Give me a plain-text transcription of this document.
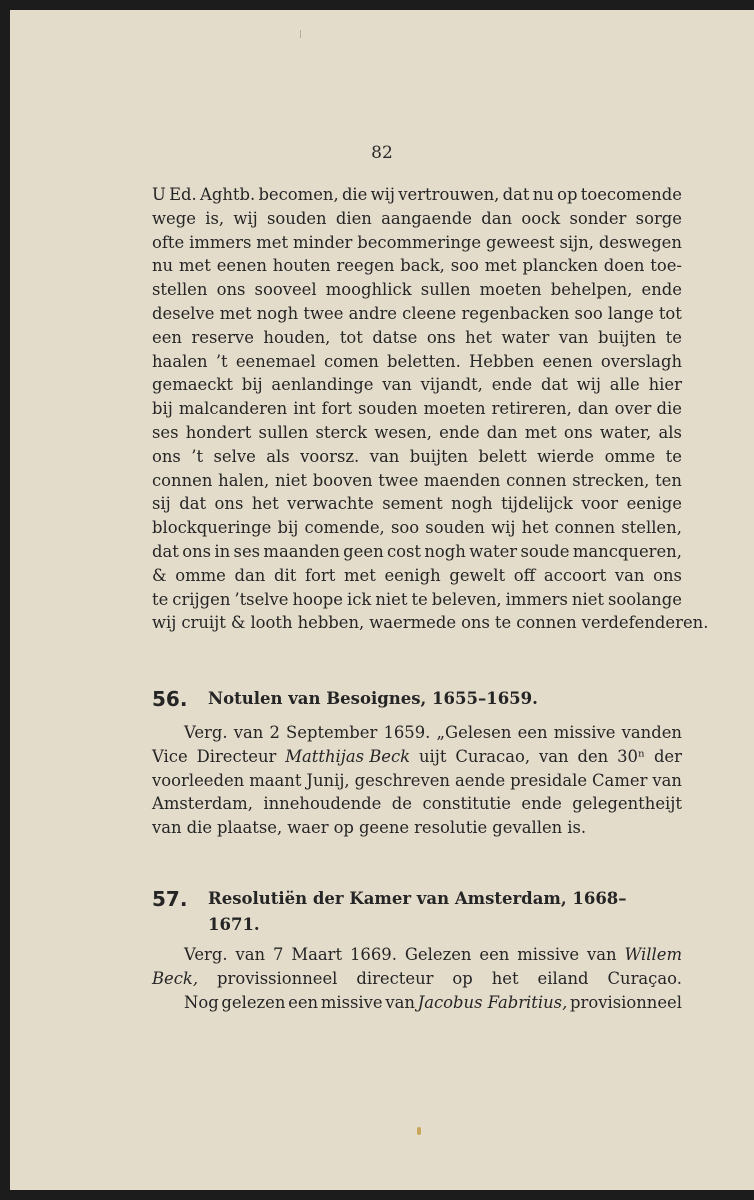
82
U Ed. Aghtb. becomen, die wij vertrouwen, dat nu op toecomende
wege is, wij souden dien aangaende dan oock sonder sorge
ofte immers met minder becommeringe geweest sijn, deswegen
nu met eenen houten reegen back, soo met plancken doen toe-
stellen ons sooveel mooghlick sullen moeten behelpen, ende
deselve met nogh twee andre cleene regenbacken soo lange tot
een reserve houden, tot datse ons het water van buijten te
haalen ’t eenemael comen beletten. Hebben eenen overslagh
gemaeckt bij aenlandinge van vijandt, ende dat wij alle hier
bij malcanderen int fort souden moeten retireren, dan over die
ses hondert sullen sterck wesen, ende dan met ons water, als
ons ’t selve als voorsz. van buijten belett wierde omme te
connen halen, niet booven twee maenden connen strecken, ten
sij dat ons het verwachte sement nogh tijdelijck voor eenige
blockqueringe bij comende, soo souden wij het connen stellen,
dat ons in ses maanden geen cost nogh water soude mancqueren,
& omme dan dit fort met eenigh gewelt off accoort van ons
te crijgen ’tselve hoope ick niet te beleven, immers niet soolange
wij cruijt & looth hebben, waermede ons te connen verdefenderen.
56.	Notulen van Besoignes, 1655–1659.
Verg. van 2 September 1659. „Gelesen een missive vanden
Vice Directeur Matthijas Beck uijt Curacao, van den 30ⁿ der
voorleeden maant Junij, geschreven aende presidale Camer van
Amsterdam, innehoudende de constitutie ende gelegentheijt
van die plaatse, waer op geene resolutie gevallen is.
57.	Resolutiën der Kamer van Amsterdam, 1668–
1671.
Verg. van 7 Maart 1669. Gelezen een missive van Willem
Beck, provissionneel directeur op het eiland Curaçao.
Nog gelezen een missive van Jacobus Fabritius, provisionneel
